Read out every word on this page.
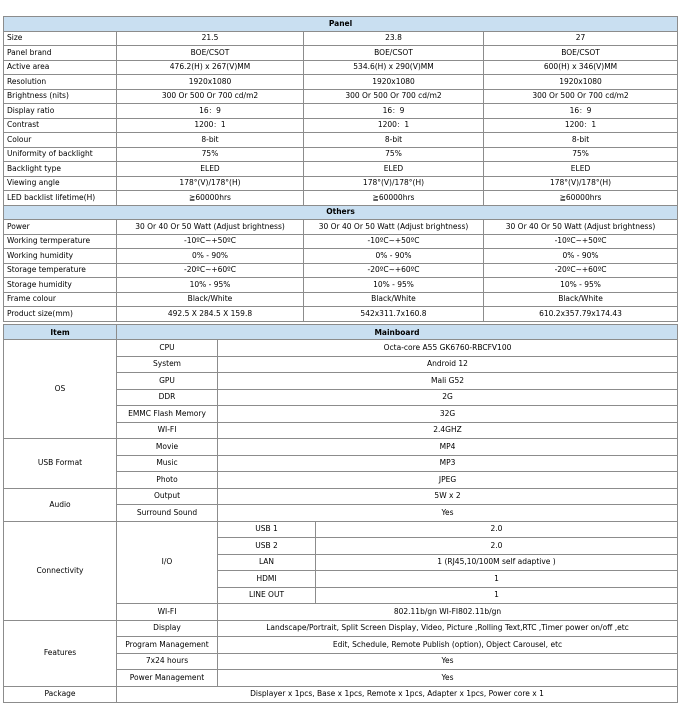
Panel			
Size	21.5	23.8	27
Panel brand	BOE/CSOT	BOE/CSOT	BOE/CSOT
Active area	476.2(H) x 267(V)MM	534.6(H) x 290(V)MM	600(H) x 346(V)MM
Resolution	1920x1080	1920x1080	1920x1080
Brightness (nits)	300 Or 500 Or 700 cd/m2	300 Or 500 Or 700 cd/m2	300 Or 500 Or 700 cd/m2
Display ratio	16：9	16：9	16：9
Contrast	1200：1	1200：1	1200：1
Colour	8-bit	8-bit	8-bit
Uniformity of backlight	75%	75%	75%
Backlight type	ELED	ELED	ELED
Viewing angle	178°(V)/178°(H)	178°(V)/178°(H)	178°(V)/178°(H)
LED backlist lifetime(H)	≧60000hrs	≧60000hrs	≧60000hrs
Others			
Power	30 Or 40 Or 50 Watt (Adjust brightness)	30 Or 40 Or 50 Watt (Adjust brightness)	30 Or 40 Or 50 Watt (Adjust brightness)
Working termperature	-10ºC~+50ºC	-10ºC~+50ºC	-10ºC~+50ºC
Working humidity	0% - 90%	0% - 90%	0% - 90%
Storage temperature	-20ºC~+60ºC	-20ºC~+60ºC	-20ºC~+60ºC
Storage humidity	10% - 95%	10% - 95%	10% - 95%
Frame colour	Black/White	Black/White	Black/White
Product size(mm)	492.5 X 284.5 X 159.8	542x311.7x160.8	610.2x357.79x174.43
Item	Mainboard		
OS	CPU	Octa-core A55 GK6760-RBCFV100	
	System	Android 12	
	GPU	Mali G52	
	DDR	2G	
	EMMC Flash Memory	32G	
	WI-FI	2.4GHZ	
USB Format	Movie	MP4	
	Music	MP3	
	Photo	JPEG	
Audio	Output	5W x 2	
	Surround Sound	Yes	
Connectivity	I/O	USB 1	2.0
		USB 2	2.0
		LAN	1 (RJ45,10/100M self adaptive )
		HDMI	1
		LINE OUT	1
	WI-FI	802.11b/gn WI-FI802.11b/gn	
Features	Display	Landscape/Portrait, Split Screen Display, Video, Picture ,Rolling Text,RTC ,Timer power on/off ,etc	
	Program Management	Edit, Schedule, Remote Publish (option), Object Carousel, etc	
	7x24 hours	Yes	
	Power Management	Yes	
Package	Displayer x 1pcs, Base x 1pcs, Remote x 1pcs, Adapter x 1pcs, Power core x 1		
